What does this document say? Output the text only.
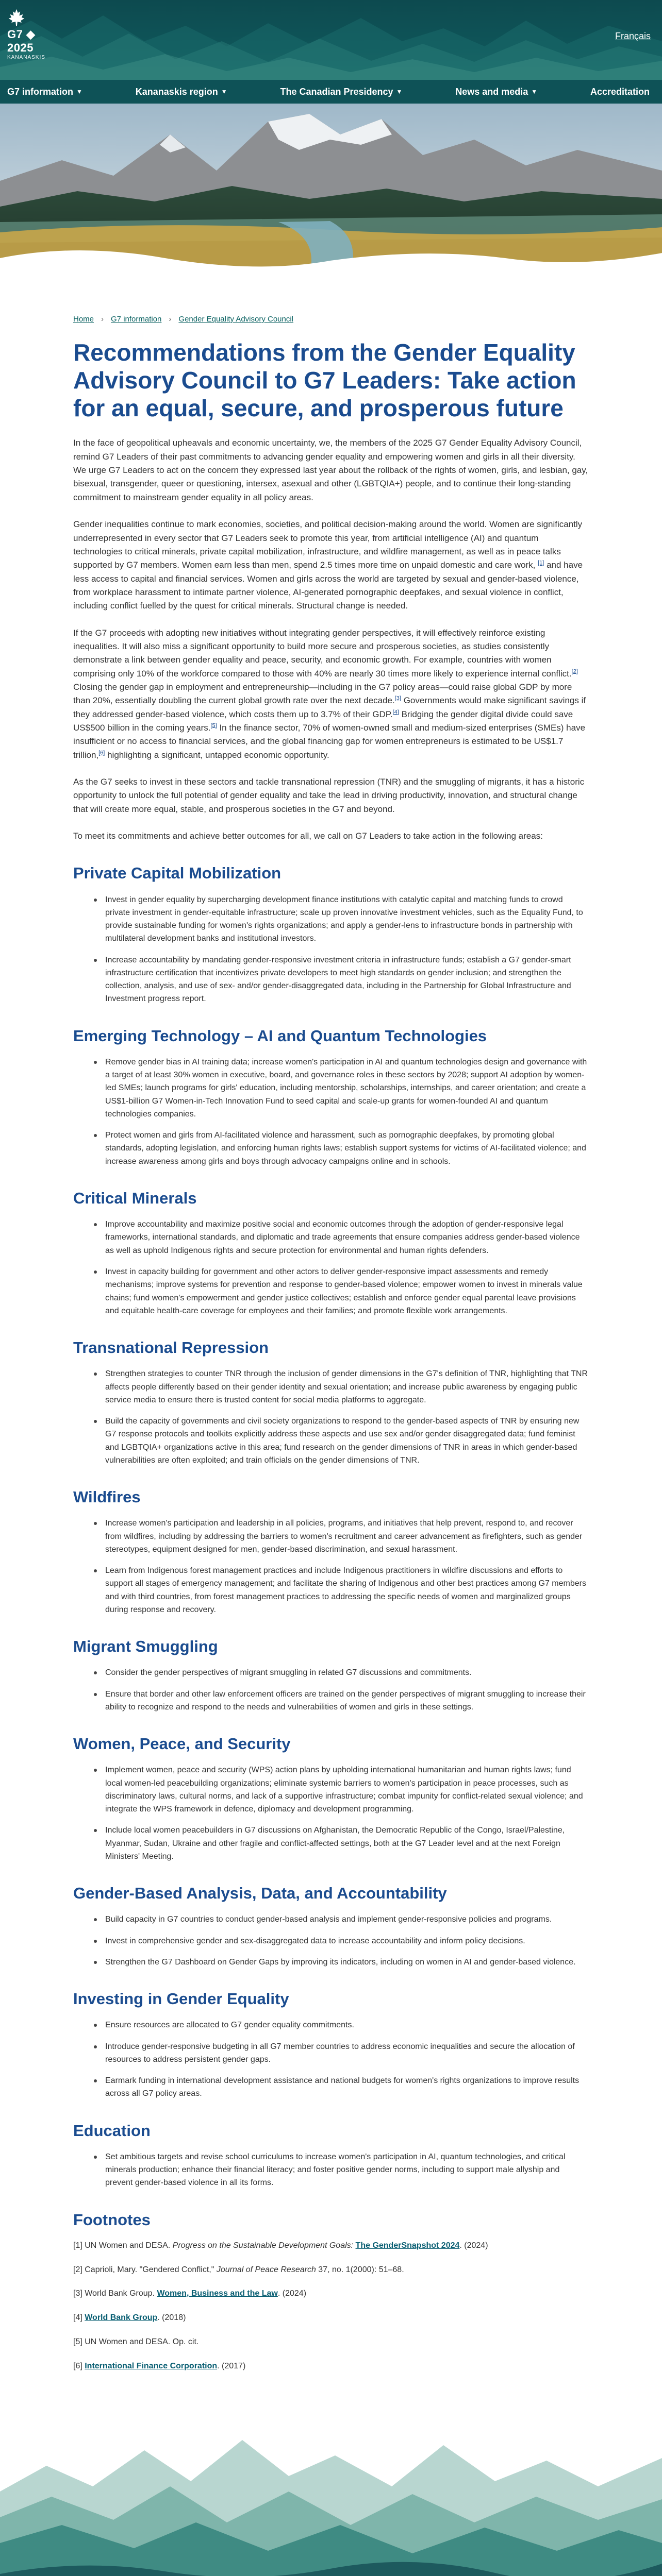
G7 ◆ 2025
KANANASKIS
Français
G7 information ▼	Kananaskis region ▼	The Canadian Presidency ▼	News and media ▼	Accreditation
Home › G7 information › Gender Equality Advisory Council
Recommendations from the Gender Equality Advisory Council to G7 Leaders: Take action for an equal, secure, and prosperous future

In the face of geopolitical upheavals and economic uncertainty, we, the members of the 2025 G7 Gender Equality Advisory Council, remind G7 Leaders of their past commitments to advancing gender equality and empowering women and girls in all their diversity. We urge G7 Leaders to act on the concern they expressed last year about the rollback of the rights of women, girls, and lesbian, gay, bisexual, transgender, queer or questioning, intersex, asexual and other (LGBTQIA+) people, and to continue their long-standing commitment to mainstream gender equality in all policy areas.

Gender inequalities continue to mark economies, societies, and political decision-making around the world. Women are significantly underrepresented in every sector that G7 Leaders seek to promote this year, from artificial intelligence (AI) and quantum technologies to critical minerals, private capital mobilization, infrastructure, and wildfire management, as well as in peace talks supported by G7 members. Women earn less than men, spend 2.5 times more time on unpaid domestic and care work, [1] and have less access to capital and financial services. Women and girls across the world are targeted by sexual and gender-based violence, from workplace harassment to intimate partner violence, AI-generated pornographic deepfakes, and sexual violence in conflict, including conflict fuelled by the quest for critical minerals. Structural change is needed.

If the G7 proceeds with adopting new initiatives without integrating gender perspectives, it will effectively reinforce existing inequalities. It will also miss a significant opportunity to build more secure and prosperous societies, as studies consistently demonstrate a link between gender equality and peace, security, and economic growth. For example, countries with women comprising only 10% of the workforce compared to those with 40% are nearly 30 times more likely to experience internal conflict.[2] Closing the gender gap in employment and entrepreneurship—including in the G7 policy areas—could raise global GDP by more than 20%, essentially doubling the current global growth rate over the next decade.[3] Governments would make significant savings if they addressed gender-based violence, which costs them up to 3.7% of their GDP.[4] Bridging the gender digital divide could save US$500 billion in the coming years.[5] In the finance sector, 70% of women-owned small and medium-sized enterprises (SMEs) have insufficient or no access to financial services, and the global financing gap for women entrepreneurs is estimated to be US$1.7 trillion,[6] highlighting a significant, untapped economic opportunity.

As the G7 seeks to invest in these sectors and tackle transnational repression (TNR) and the smuggling of migrants, it has a historic opportunity to unlock the full potential of gender equality and take the lead in driving productivity, innovation, and structural change that will create more equal, stable, and prosperous societies in the G7 and beyond.

To meet its commitments and achieve better outcomes for all, we call on G7 Leaders to take action in the following areas:

Private Capital Mobilization
Invest in gender equality by supercharging development finance institutions with catalytic capital and matching funds to crowd private investment in gender-equitable infrastructure; scale up proven innovative investment vehicles, such as the Equality Fund, to provide sustainable funding for women's rights organizations; and apply a gender-lens to infrastructure bonds in partnership with multilateral development banks and institutional investors.
Increase accountability by mandating gender-responsive investment criteria in infrastructure funds; establish a G7 gender-smart infrastructure certification that incentivizes private developers to meet high standards on gender inclusion; and strengthen the collection, analysis, and use of sex- and/or gender-disaggregated data, including in the Partnership for Global Infrastructure and Investment progress report.
Emerging Technology – AI and Quantum Technologies
Remove gender bias in AI training data; increase women's participation in AI and quantum technologies design and governance with a target of at least 30% women in executive, board, and governance roles in these sectors by 2028; support AI adoption by women-led SMEs; launch programs for girls' education, including mentorship, scholarships, internships, and career orientation; and create a US$1-billion G7 Women-in-Tech Innovation Fund to seed capital and scale-up grants for women-founded AI and quantum technologies companies.
Protect women and girls from AI-facilitated violence and harassment, such as pornographic deepfakes, by promoting global standards, adopting legislation, and enforcing human rights laws; establish support systems for victims of AI-facilitated violence; and increase awareness among girls and boys through advocacy campaigns online and in schools.
Critical Minerals
Improve accountability and maximize positive social and economic outcomes through the adoption of gender-responsive legal frameworks, international standards, and diplomatic and trade agreements that ensure companies address gender-based violence as well as uphold Indigenous rights and secure protection for environmental and human rights defenders.
Invest in capacity building for government and other actors to deliver gender-responsive impact assessments and remedy mechanisms; improve systems for prevention and response to gender-based violence; empower women to invest in minerals value chains; fund women's empowerment and gender justice collectives; establish and enforce gender equal parental leave provisions and equitable health-care coverage for employees and their families; and promote flexible work arrangements.
Transnational Repression
Strengthen strategies to counter TNR through the inclusion of gender dimensions in the G7's definition of TNR, highlighting that TNR affects people differently based on their gender identity and sexual orientation; and increase public awareness by engaging public service media to ensure there is trusted content for social media platforms to aggregate.
Build the capacity of governments and civil society organizations to respond to the gender-based aspects of TNR by ensuring new G7 response protocols and toolkits explicitly address these aspects and use sex and/or gender disaggregated data; fund feminist and LGBTQIA+ organizations active in this area; fund research on the gender dimensions of TNR in areas in which gender-based vulnerabilities are often exploited; and train officials on the gender dimensions of TNR.
Wildfires
Increase women's participation and leadership in all policies, programs, and initiatives that help prevent, respond to, and recover from wildfires, including by addressing the barriers to women's recruitment and career advancement as firefighters, such as gender stereotypes, equipment designed for men, gender-based discrimination, and sexual harassment.
Learn from Indigenous forest management practices and include Indigenous practitioners in wildfire discussions and efforts to support all stages of emergency management; and facilitate the sharing of Indigenous and other best practices among G7 members and with third countries, from forest management practices to addressing the specific needs of women and marginalized groups during response and recovery.
Migrant Smuggling
Consider the gender perspectives of migrant smuggling in related G7 discussions and commitments.
Ensure that border and other law enforcement officers are trained on the gender perspectives of migrant smuggling to increase their ability to recognize and respond to the needs and vulnerabilities of women and girls in these settings.
Women, Peace, and Security
Implement women, peace and security (WPS) action plans by upholding international humanitarian and human rights laws; fund local women-led peacebuilding organizations; eliminate systemic barriers to women's participation in peace processes, such as discriminatory laws, cultural norms, and lack of a supportive infrastructure; combat impunity for conflict-related sexual violence; and integrate the WPS framework in defence, diplomacy and development programming.
Include local women peacebuilders in G7 discussions on Afghanistan, the Democratic Republic of the Congo, Israel/Palestine, Myanmar, Sudan, Ukraine and other fragile and conflict-affected settings, both at the G7 Leader level and at the next Foreign Ministers' Meeting.
Gender-Based Analysis, Data, and Accountability
Build capacity in G7 countries to conduct gender-based analysis and implement gender-responsive policies and programs.
Invest in comprehensive gender and sex-disaggregated data to increase accountability and inform policy decisions.
Strengthen the G7 Dashboard on Gender Gaps by improving its indicators, including on women in AI and gender-based violence.
Investing in Gender Equality
Ensure resources are allocated to G7 gender equality commitments.
Introduce gender-responsive budgeting in all G7 member countries to address economic inequalities and secure the allocation of resources to address persistent gender gaps.
Earmark funding in international development assistance and national budgets for women's rights organizations to improve results across all G7 policy areas.
Education
Set ambitious targets and revise school curriculums to increase women's participation in AI, quantum technologies, and critical minerals production; enhance their financial literacy; and foster positive gender norms, including to support male allyship and prevent gender-based violence in all its forms.
Footnotes
[1] UN Women and DESA. Progress on the Sustainable Development Goals: The GenderSnapshot 2024. (2024)
[2] Caprioli, Mary. "Gendered Conflict," Journal of Peace Research 37, no. 1(2000): 51–68.
[3] World Bank Group. Women, Business and the Law. (2024)
[4] World Bank Group. (2018)
[5] UN Women and DESA. Op. cit.
[6] International Finance Corporation. (2017)
